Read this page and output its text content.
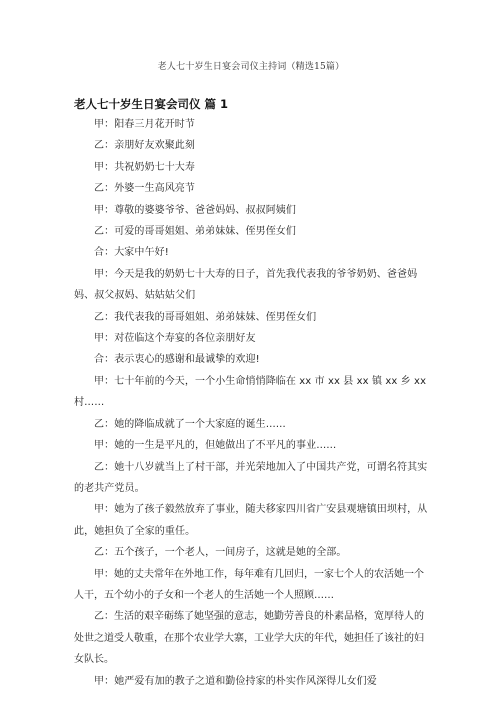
老人七十岁生日宴会司仪主持词（精选15篇）
老人七十岁生日宴会司仪 篇 1

甲：阳春三月花开时节

乙：亲朋好友欢聚此刻

甲：共祝奶奶七十大寿

乙：外婆一生高风亮节

甲：尊敬的婆婆爷爷、爸爸妈妈、叔叔阿姨们

乙：可爱的哥哥姐姐、弟弟妹妹、侄男侄女们

合：大家中午好!

甲：今天是我的奶奶七十大寿的日子，首先我代表我的爷爷奶奶、爸爸妈妈、叔父叔妈、姑姑姑父们

乙：我代表我的哥哥姐姐、弟弟妹妹、侄男侄女们

甲：对莅临这个寿宴的各位亲朋好友

合：表示衷心的感谢和最诚挚的欢迎!

甲：七十年前的今天，一个小生命悄悄降临在 xx 市 xx 县 xx 镇 xx 乡 xx 村……

乙：她的降临成就了一个大家庭的诞生……

甲：她的一生是平凡的，但她做出了不平凡的事业……

乙：她十八岁就当上了村干部，并光荣地加入了中国共产党，可谓名符其实的老共产党员。

甲：她为了孩子毅然放弃了事业，随夫移家四川省广安县观塘镇田坝村，从此，她担负了全家的重任。

乙：五个孩子，一个老人，一间房子，这就是她的全部。

甲：她的丈夫常年在外地工作，每年难有几回归，一家七个人的农活她一个人干，五个幼小的子女和一个老人的生活她一个人照顾……

乙：生活的艰辛砺练了她坚强的意志，她勤劳善良的朴素品格，宽厚待人的处世之道受人敬重，在那个农业学大寨，工业学大庆的年代，她担任了该社的妇女队长。

甲：她严爱有加的教子之道和勤俭持家的朴实作风深得儿女们爱
